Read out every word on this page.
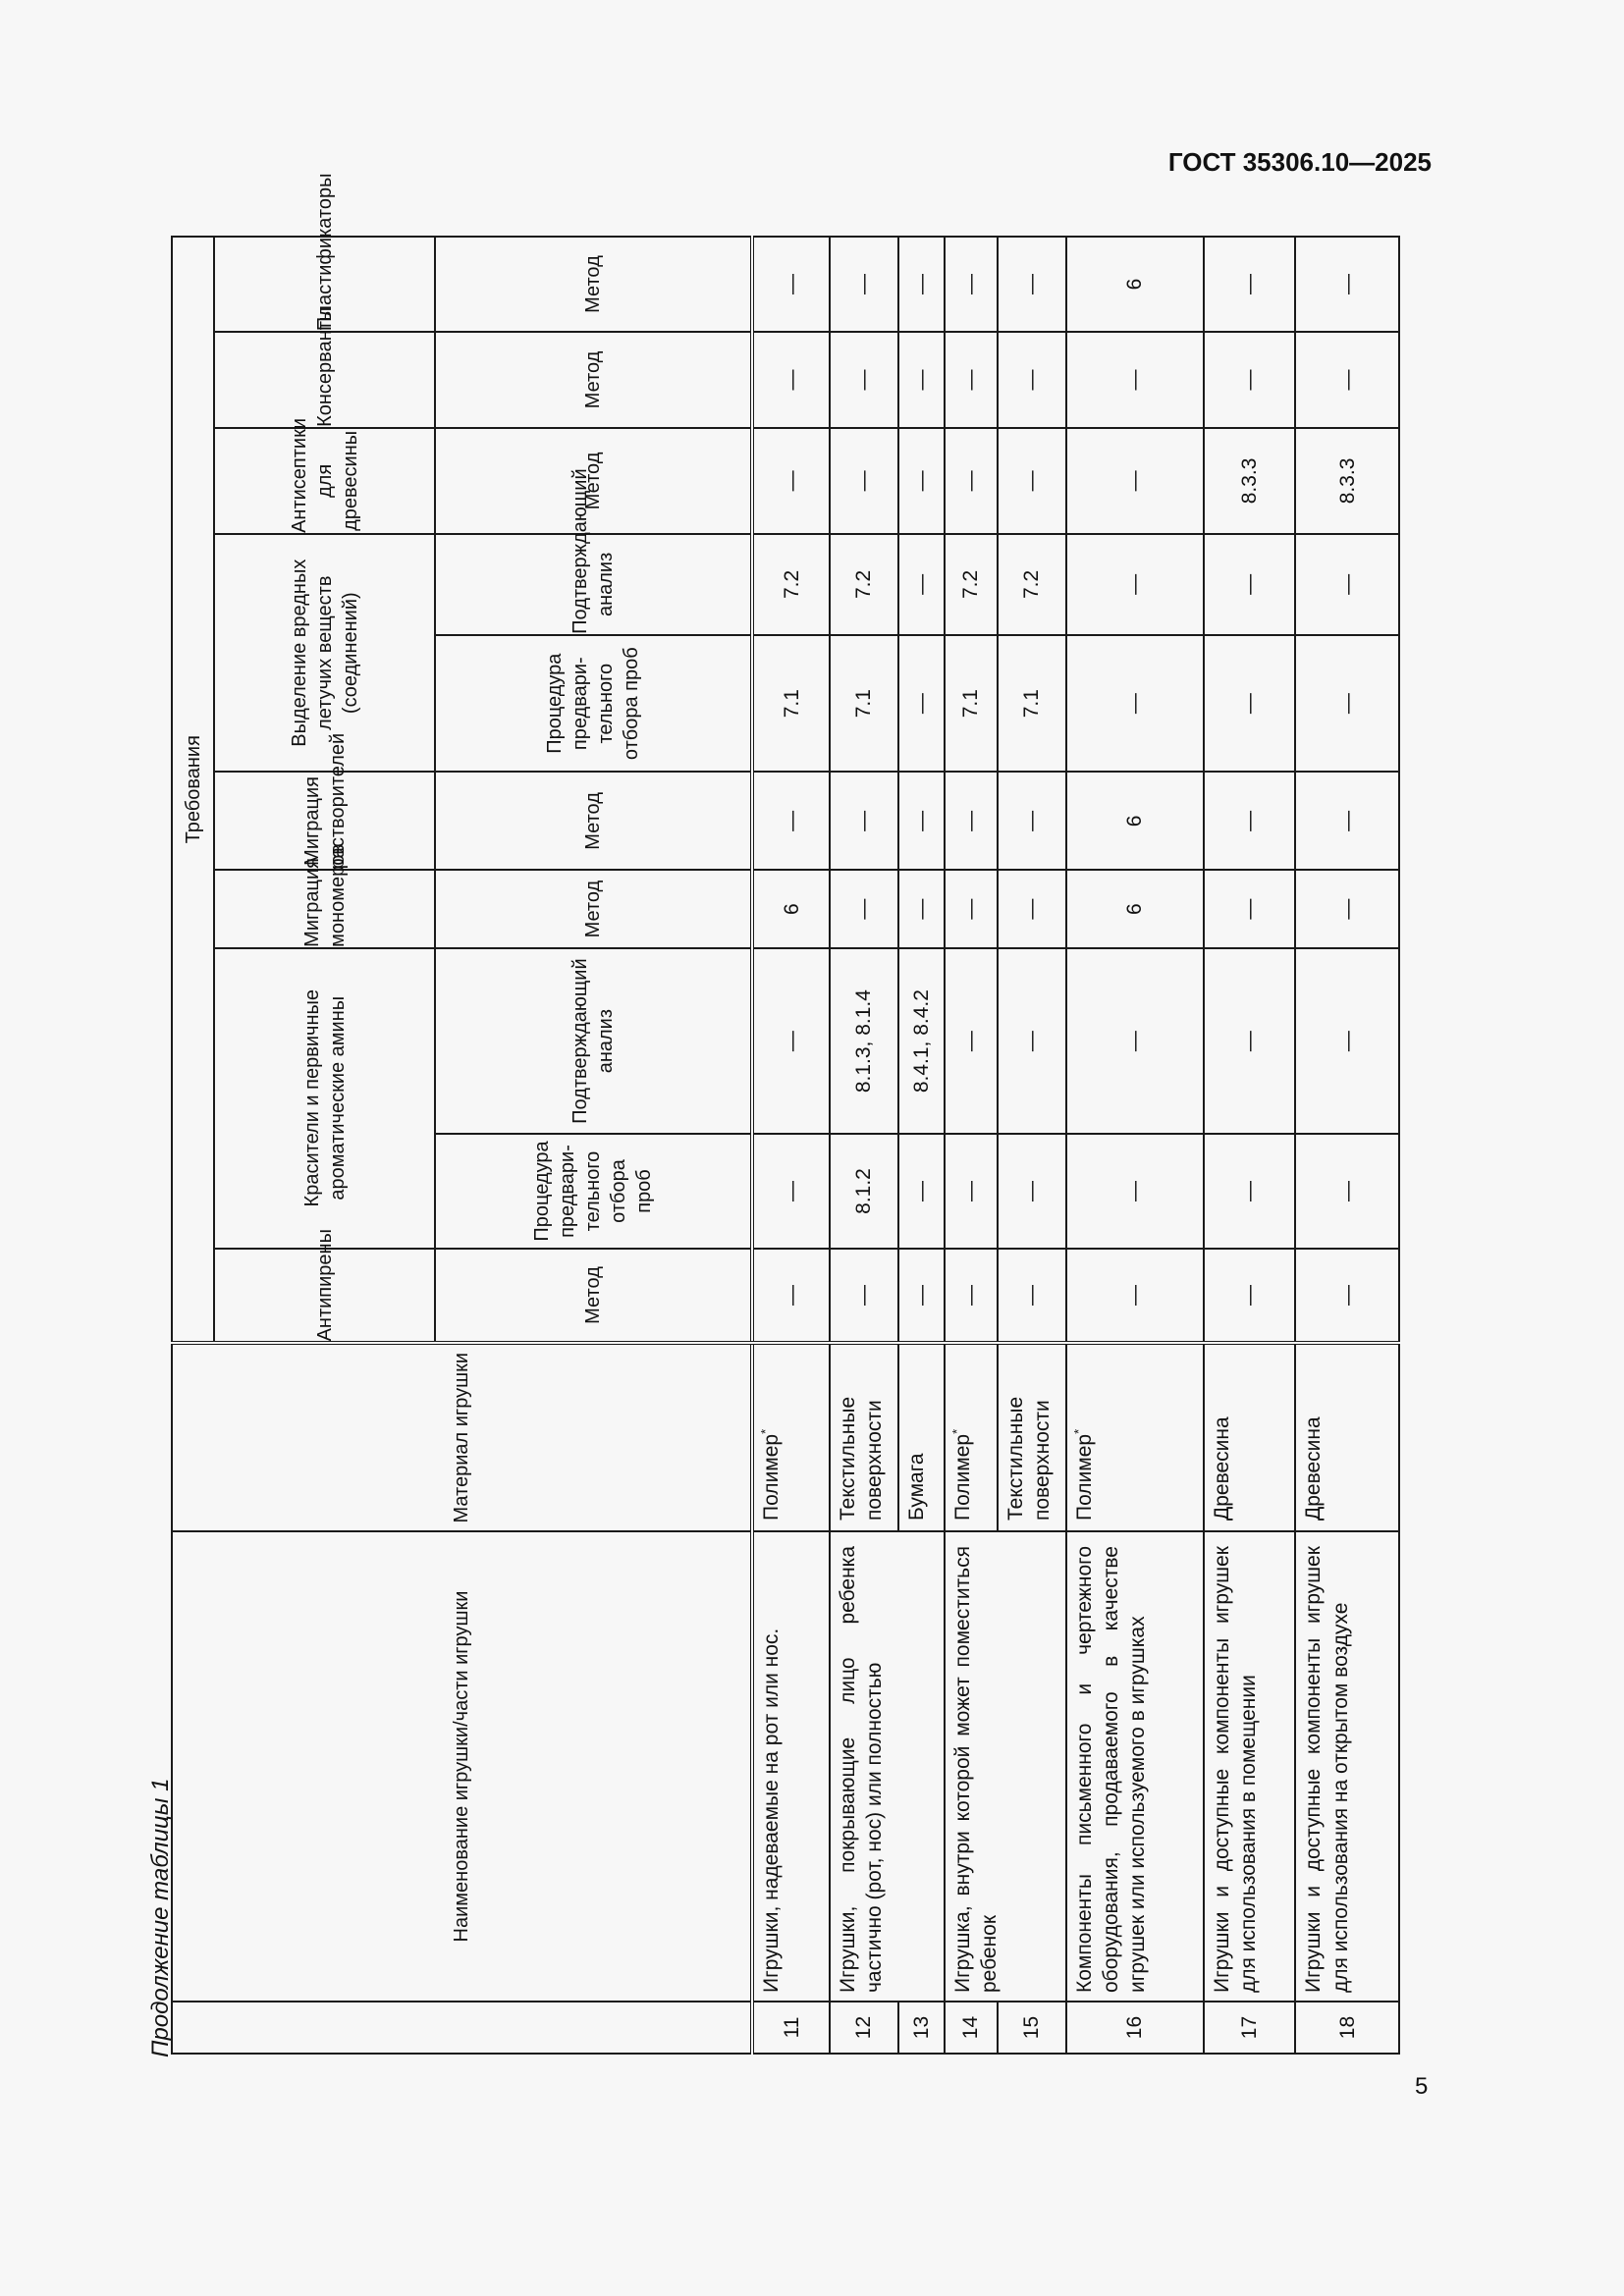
ГОСТ 35306.10—2025
Продолжение таблицы 1
5
	Наименование игрушки/части игрушки	Материал игрушки	Требования									
			Антипирены	Красители и первичные ароматические амины		Миграция мономеров	Миграция растворителей	Выделение вредных летучих веществ (соединений)		Антисептики для древесины	Консерванты	Пластификаторы
			Метод	Процедура предвари-тельного отбора проб	Подтверждающий анализ	Метод	Метод	Процедура предвари-тельного отбора проб	Подтверждающий анализ	Метод	Метод	Метод
11	Игрушки, надеваемые на рот или нос.	Полимер*	—	—	—	6	—	7.1	7.2	—	—	—
12	Игрушки, покрывающие лицо ребенка частично (рот, нос) или полностью	Текстильные поверхности	—	8.1.2	8.1.3, 8.1.4	—	—	7.1	7.2	—	—	—
13		Бумага	—	—	8.4.1, 8.4.2	—	—	—	—	—	—	—
14	Игрушка, внутри которой может поместиться ребенок	Полимер*	—	—	—	—	—	7.1	7.2	—	—	—
15		Текстильные поверхности	—	—	—	—	—	7.1	7.2	—	—	—
16	Компоненты письменного и чертежного оборудования, продаваемого в качестве игрушек или используемого в игрушках	Полимер*	—	—	—	6	6	—	—	—	—	6
17	Игрушки и доступные компоненты игрушек для использования в помещении	Древесина	—	—	—	—	—	—	—	8.3.3	—	—
18	Игрушки и доступные компоненты игрушек для использования на открытом воздухе	Древесина	—	—	—	—	—	—	—	8.3.3	—	—
